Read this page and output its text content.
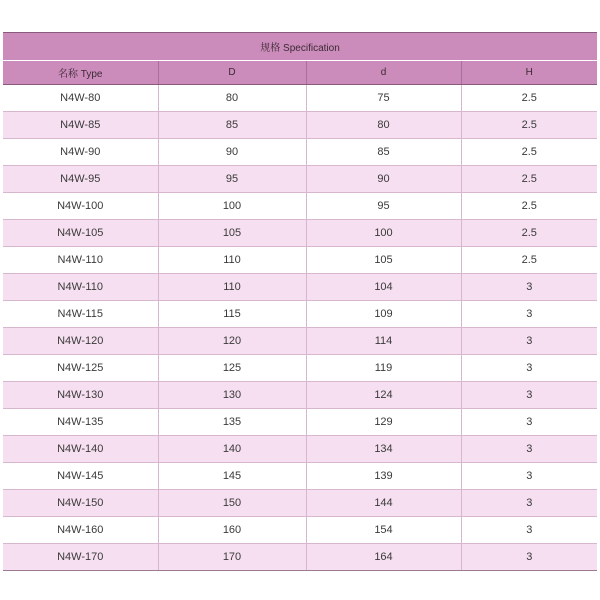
规格 Specification			
名称 Type	D	d	H
N4W-80	80	75	2.5
N4W-85	85	80	2.5
N4W-90	90	85	2.5
N4W-95	95	90	2.5
N4W-100	100	95	2.5
N4W-105	105	100	2.5
N4W-110	110	105	2.5
N4W-110	110	104	3
N4W-115	115	109	3
N4W-120	120	114	3
N4W-125	125	119	3
N4W-130	130	124	3
N4W-135	135	129	3
N4W-140	140	134	3
N4W-145	145	139	3
N4W-150	150	144	3
N4W-160	160	154	3
N4W-170	170	164	3
